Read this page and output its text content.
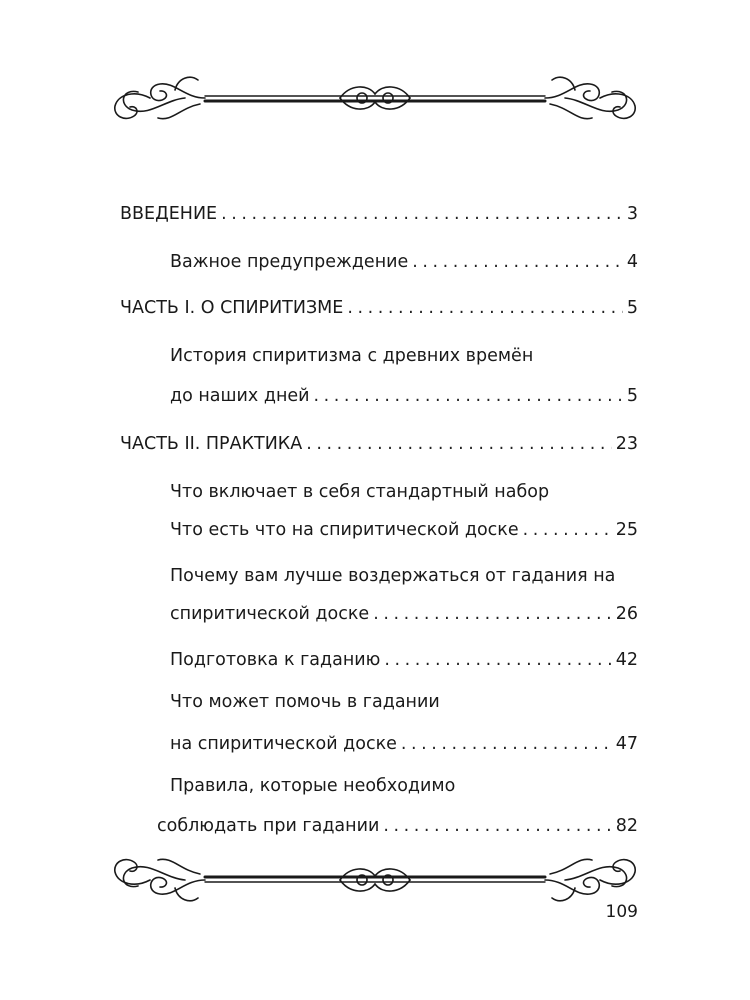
ВВЕДЕНИЕ . . .	3
Важное предупреждение . . .	4
ЧАСТЬ I. О СПИРИТИЗМЕ . . .	5
История спиритизма с древних времён
до наших дней . . .	5
ЧАСТЬ II. ПРАКТИКА . . .	23
Что включает в себя стандартный набор
Что есть что на спиритической доске . . .	25
Почему вам лучше воздержаться от гадания на
спиритической доске . . .	26
Подготовка к гаданию . . .	42
Что может помочь в гадании
на спиритической доске . . .	47
Правила, которые необходимо
соблюдать при гадании . . .	82
109
